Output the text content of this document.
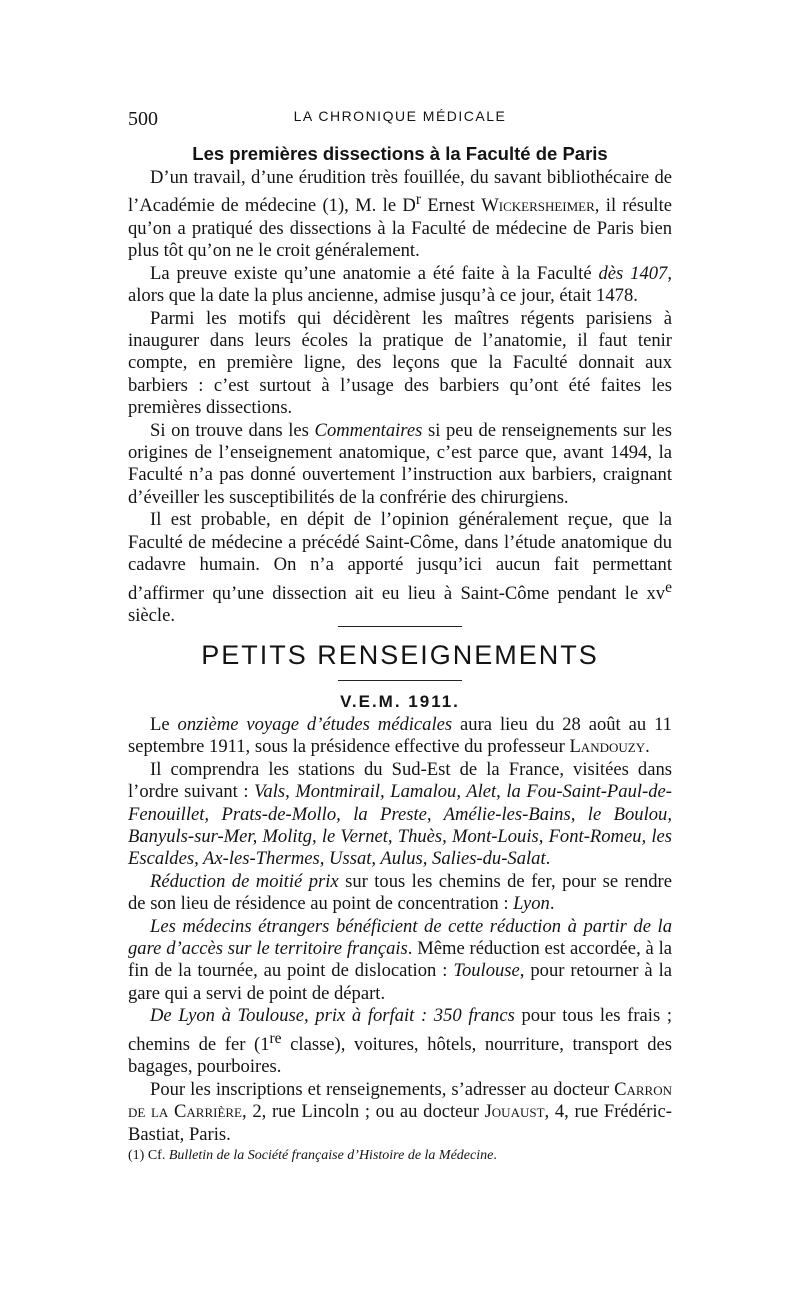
500	LA CHRONIQUE MÉDICALE
Les premières dissections à la Faculté de Paris

D’un travail, d’une érudition très fouillée, du savant bibliothécaire de l’Académie de médecine (1), M. le $D^r$ Ernest Wickersheimer, il résulte qu’on a pratiqué des dissections à la Faculté de médecine de Paris bien plus tôt qu’on ne le croit généralement.

La preuve existe qu’une anatomie a été faite à la Faculté dès 1407, alors que la date la plus ancienne, admise jusqu’à ce jour, était 1478.

Parmi les motifs qui décidèrent les maîtres régents parisiens à inaugurer dans leurs écoles la pratique de l’anatomie, il faut tenir compte, en première ligne, des leçons que la Faculté donnait aux barbiers : c’est surtout à l’usage des barbiers qu’ont été faites les premières dissections.

Si on trouve dans les Commentaires si peu de renseignements sur les origines de l’enseignement anatomique, c’est parce que, avant 1494, la Faculté n’a pas donné ouvertement l’instruction aux barbiers, craignant d’éveiller les susceptibilités de la confrérie des chirurgiens.

Il est probable, en dépit de l’opinion généralement reçue, que la Faculté de médecine a précédé Saint-Côme, dans l’étude anatomique du cadavre humain. On n’a apporté jusqu’ici aucun fait permettant d’affirmer qu’une dissection ait eu lieu à Saint-Côme pendant le $xv^e$ siècle.

PETITS RENSEIGNEMENTS
V.E.M. 1911.

Le onzième voyage d’études médicales aura lieu du 28 août au 11 septembre 1911, sous la présidence effective du professeur Landouzy.

Il comprendra les stations du Sud-Est de la France, visitées dans l’ordre suivant : Vals, Montmirail, Lamalou, Alet, la Fou-Saint-Paul-de-Fenouillet, Prats-de-Mollo, la Preste, Amélie-les-Bains, le Boulou, Banyuls-sur-Mer, Molitg, le Vernet, Thuès, Mont-Louis, Font-Romeu, les Escaldes, Ax-les-Thermes, Ussat, Aulus, Salies-du-Salat.

Réduction de moitié prix sur tous les chemins de fer, pour se rendre de son lieu de résidence au point de concentration : Lyon.

Les médecins étrangers bénéficient de cette réduction à partir de la gare d’accès sur le territoire français. Même réduction est accordée, à la fin de la tournée, au point de dislocation : Toulouse, pour retourner à la gare qui a servi de point de départ.

De Lyon à Toulouse, prix à forfait : 350 francs pour tous les frais ; chemins de fer (1re classe), voitures, hôtels, nourriture, transport des bagages, pourboires.

Pour les inscriptions et renseignements, s’adresser au docteur Carron de la Carrière, 2, rue Lincoln ; ou au docteur Jouaust, 4, rue Frédéric-Bastiat, Paris.

(1) Cf. Bulletin de la Société française d’Histoire de la Médecine.
